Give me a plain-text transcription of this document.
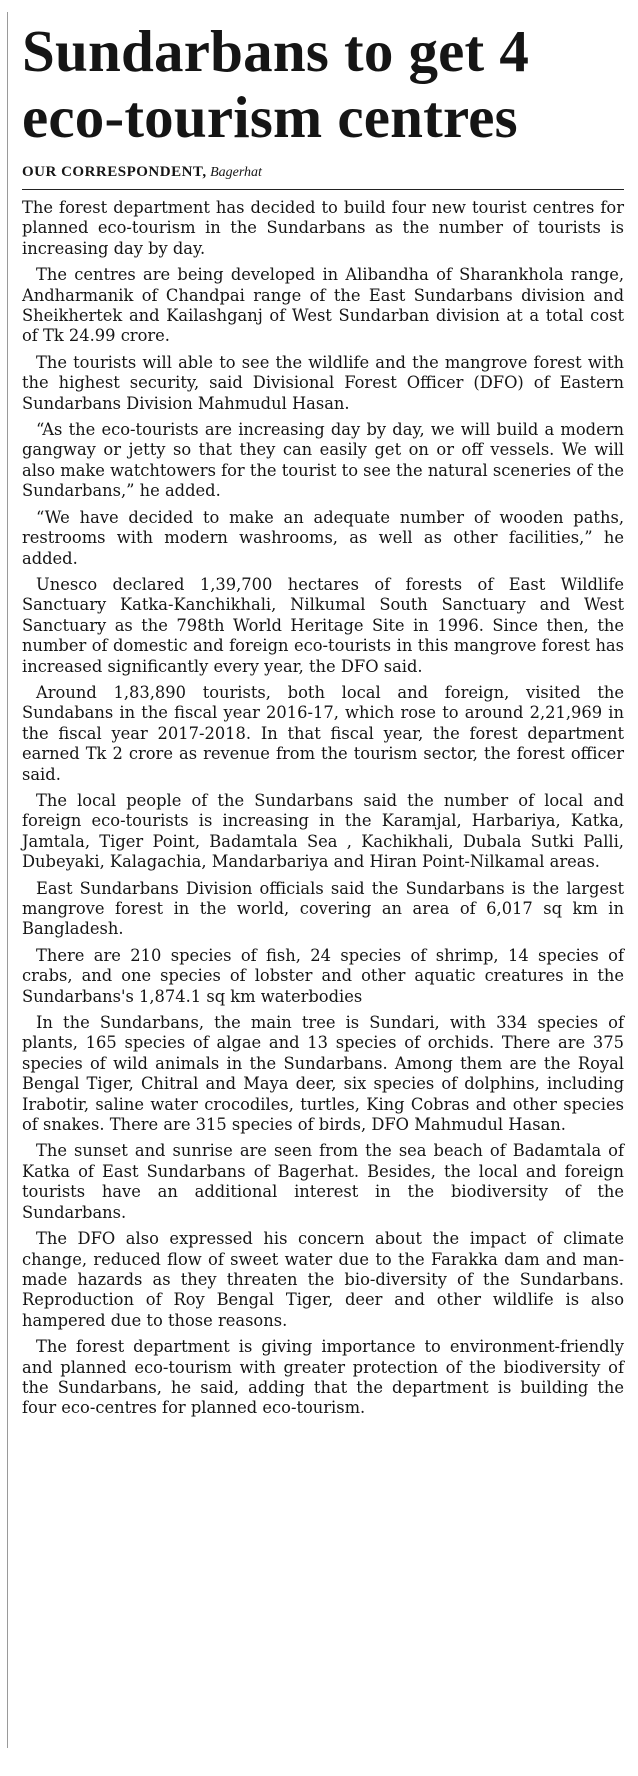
Sundarbans to get 4 eco-tourism centres
OUR CORRESPONDENT, Bagerhat

The forest department has decided to build four new tourist centres for planned eco-tourism in the Sundarbans as the number of tourists is increasing day by day.

The centres are being developed in Alibandha of Sharankhola range, Andharmanik of Chandpai range of the East Sundarbans division and Sheikhertek and Kailashganj of West Sundarban division at a total cost of Tk 24.99 crore.

The tourists will able to see the wildlife and the mangrove forest with the highest security, said Divisional Forest Officer (DFO) of Eastern Sundarbans Division Mahmudul Hasan.

“As the eco-tourists are increasing day by day, we will build a modern gangway or jetty so that they can easily get on or off vessels. We will also make watchtowers for the tourist to see the natural sceneries of the Sundarbans,” he added.

“We have decided to make an adequate number of wooden paths, restrooms with modern washrooms, as well as other facilities,” he added.

Unesco declared 1,39,700 hectares of forests of East Wildlife Sanctuary Katka-Kanchikhali, Nilkumal South Sanctuary and West Sanctuary as the 798th World Heritage Site in 1996. Since then, the number of domestic and foreign eco-tourists in this mangrove forest has increased significantly every year, the DFO said.

Around 1,83,890 tourists, both local and foreign, visited the Sundabans in the fiscal year 2016-17, which rose to around 2,21,969 in the fiscal year 2017-2018. In that fiscal year, the forest department earned Tk 2 crore as revenue from the tourism sector, the forest officer said.

The local people of the Sundarbans said the number of local and foreign eco-tourists is increasing in the Karamjal, Harbariya, Katka, Jamtala, Tiger Point, Badamtala Sea , Kachikhali, Dubala Sutki Palli, Dubeyaki, Kalagachia, Mandarbariya and Hiran Point-Nilkamal areas.

East Sundarbans Division officials said the Sundarbans is the largest mangrove forest in the world, covering an area of 6,017 sq km in Bangladesh.

There are 210 species of fish, 24 species of shrimp, 14 species of crabs, and one species of lobster and other aquatic creatures in the Sundarbans's 1,874.1 sq km waterbodies

In the Sundarbans, the main tree is Sundari, with 334 species of plants, 165 species of algae and 13 species of orchids. There are 375 species of wild animals in the Sundarbans. Among them are the Royal Bengal Tiger, Chitral and Maya deer, six species of dolphins, including Irabotir, saline water crocodiles, turtles, King Cobras and other species of snakes. There are 315 species of birds, DFO Mahmudul Hasan.

The sunset and sunrise are seen from the sea beach of Badamtala of Katka of East Sundarbans of Bagerhat. Besides, the local and foreign tourists have an additional interest in the biodiversity of the Sundarbans.

The DFO also expressed his concern about the impact of climate change, reduced flow of sweet water due to the Farakka dam and man-made hazards as they threaten the bio-diversity of the Sundarbans. Reproduction of Roy Bengal Tiger, deer and other wildlife is also hampered due to those reasons.

The forest department is giving importance to environment-friendly and planned eco-tourism with greater protection of the biodiversity of the Sundarbans, he said, adding that the department is building the four eco-centres for planned eco-tourism.
